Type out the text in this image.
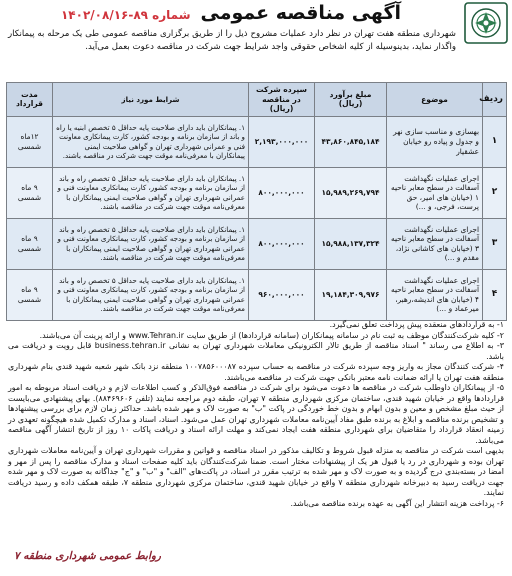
آگهی مناقصه عمومی
شماره ۸۹-۱۴۰۲/۰۸/۱۶
شهرداری منطقه هفت تهران در نظر دارد عملیات مشروح ذیل را از طریق برگزاری مناقصه عمومی طی یک مرحله به پیمانکار واگذار نماید، بدینوسیله از کلیه اشخاص حقوقی واجد شرایط جهت شرکت در مناقصه دعوت بعمل می‌آید.
ردیف	موضوع	مبلغ برآورد (ریال)	سپرده شرکت در مناقصه (ریال)	شرایط مورد نیاز	مدت قرارداد
۱	بهسازی و مناسب سازی نهر و جدول و پیاده رو خیابان عشقیار	۴۳,۸۶۰,۸۴۵,۱۸۴	۲,۱۹۳,۰۰۰,۰۰۰	۱. پیمانکاران باید دارای صلاحیت پایه حداقل ۵ تخصص ابنیه یا راه و باند از سازمان برنامه و بودجه کشور، کارت پیمانکاری معاونت فنی و عمرانی شهرداری تهران و گواهی صلاحیت ایمنی پیمانکاران با معرفی‌نامه موقت جهت شرکت در مناقصه باشند.	۱۲ماه شمسی
۲	اجرای عملیات نگهداشت آسفالت در سطح معابر ناحیه ۱ (خیابان های امیر، حق پرست، فرجی، و ...)	۱۵,۹۸۹,۲۶۹,۷۹۴	۸۰۰,۰۰۰,۰۰۰	۱. پیمانکاران باید دارای صلاحیت پایه حداقل ۵ تخصص راه و باند از سازمان برنامه و بودجه کشور، کارت پیمانکاری معاونت فنی و عمرانی شهرداری تهران و گواهی صلاحیت ایمنی پیمانکاران با معرفی‌نامه موقت جهت شرکت در مناقصه باشند.	۹ ماه شمسی
۳	اجرای عملیات نگهداشت آسفالت در سطح معابر ناحیه ۳ (خیابان های کاشانی نژاد، مقدم و ...)	۱۵,۹۸۸,۱۳۷,۳۲۴	۸۰۰,۰۰۰,۰۰۰	۱. پیمانکاران باید دارای صلاحیت پایه حداقل ۵ تخصص راه و باند از سازمان برنامه و بودجه کشور، کارت پیمانکاری معاونت فنی و عمرانی شهرداری تهران و گواهی صلاحیت ایمنی پیمانکاران با معرفی‌نامه موقت جهت شرکت در مناقصه باشند.	۹ ماه شمسی
۴	اجرای عملیات نگهداشت آسفالت در سطح معابر ناحیه ۴ (خیابان های اندیشه،رهبر، میرعماد و ...)	۱۹,۱۸۴,۳۰۹,۹۷۶	۹۶۰,۰۰۰,۰۰۰	۱. پیمانکاران باید دارای صلاحیت پایه حداقل ۵ تخصص راه و باند از سازمان برنامه و بودجه کشور، کارت پیمانکاری معاونت فنی و عمرانی شهرداری تهران و گواهی صلاحیت ایمنی پیمانکاران با معرفی‌نامه موقت جهت شرکت در مناقصه باشند.	۹ ماه شمسی

۱- به قراردادهای منعقده پیش پرداخت تعلق نمی‌گیرد.

۲- کلیه شرکت‌کنندگان موظف به ثبت نام در سامانه پیمانکاران (سامانه قراردادها) از طریق سایت www.Tehran.ir و ارائه پرینت آن می‌باشند.

۳- به اطلاع می رساند " اسناد مناقصه از طریق تالار الکترونیکی معاملات شهرداری تهران به نشانی business.tehran.ir قابل رویت و دریافت می باشد.

۴- شرکت کنندگان مجاز به واریز وجه سپرده شرکت در مناقصه به حساب سپرده ۱۰۰۷۸۵۶۰۰۰۸۷ منطقه نزد بانک شهر شعبه شهید قندی بنام شهرداری منطقه هفت تهران یا ارائه ضمانت نامه معتبر بانکی جهت شرکت در مناقصه می‌باشند.

۵- از پیمانکاران داوطلب شرکت در مناقصه ها دعوت می‌شود برای شرکت در مناقصه فوق‌الذکر و کسب اطلاعات لازم و دریافت اسناد مربوطه به امور قراردادها واقع در خیابان شهید قندی، ساختمان مرکزی شهرداری منطقه ۷ تهران، طبقه دوم مراجعه نمایند (تلفن ۸۸۴۶۹۶۰۶). بهای پیشنهادی می‌بایست از حیث مبلغ مشخص و معین و بدون ابهام و بدون خط خوردگی در پاکت "ب" به صورت لاک و مهر شده باشد. حداکثر زمان لازم برای بررسی پیشنهادها و تشخیص برنده مناقصه و ابلاغ به برنده طبق مفاد آیین‌نامه معاملات شهرداری تهران عمل می‌شود. اسناد، اسناد و مدارک تکمیل شده هیچگونه تعهدی در زمینه انعقاد قرارداد را متقاضیان برای شهرداری منطقه هفت ایجاد نمی‌کند و مهلت ارائه اسناد و دریافت پاکات ۱۰ روز از تاریخ انتشار آگهی مناقصه می‌باشد.

بدیهی است شرکت در مناقصه به منزله قبول شروط و تکالیف مذکور در اسناد مناقصه و قوانین و مقررات شهرداری تهران و آیین‌نامه معاملات شهرداری تهران بوده و شهرداری در رد یا قبول هر یک از پیشنهادات مختار است. ضمنا شرکت‌کنندگان باید کلیه صفحات اسناد و مدارک مناقصه را پس از مهر و امضا در بسته‌بندی درج گردیده و به صورت لاک و مهر شده به ترتیب مقرر در اسناد، در پاکت‌های "الف" و "ب" و "ج" جداگانه به صورت لاک و مهر شده جهت دریافت رسید به دبیرخانه شهرداری منطقه ۷ واقع در خیابان شهید قندی، ساختمان مرکزی شهرداری منطقه ۷، طبقه همکف داده و رسید دریافت نمایند.

۶- پرداخت هزینه انتشار این آگهی به عهده برنده مناقصه می‌باشد.

روابط عمومی شهرداری منطقه ۷
